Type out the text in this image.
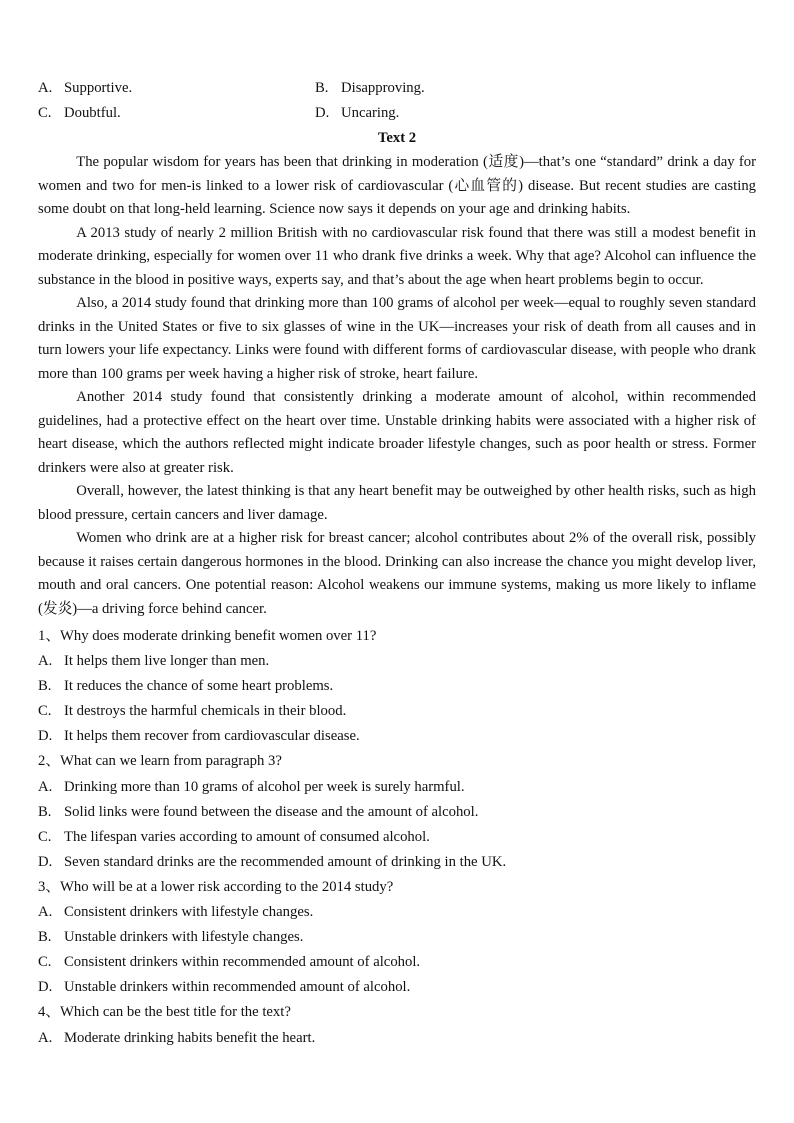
A. Supportive.	B. Disapproving.
C. Doubtful.	D. Uncaring.
Text 2

The popular wisdom for years has been that drinking in moderation (适度)—that’s one “standard” drink a day for women and two for men-is linked to a lower risk of cardiovascular (心血管的) disease. But recent studies are casting some doubt on that long-held learning. Science now says it depends on your age and drinking habits.

A 2013 study of nearly 2 million British with no cardiovascular risk found that there was still a modest benefit in moderate drinking, especially for women over 11 who drank five drinks a week. Why that age? Alcohol can influence the substance in the blood in positive ways, experts say, and that’s about the age when heart problems begin to occur.

Also, a 2014 study found that drinking more than 100 grams of alcohol per week—equal to roughly seven standard drinks in the United States or five to six glasses of wine in the UK—increases your risk of death from all causes and in turn lowers your life expectancy. Links were found with different forms of cardiovascular disease, with people who drank more than 100 grams per week having a higher risk of stroke, heart failure.

Another 2014 study found that consistently drinking a moderate amount of alcohol, within recommended guidelines, had a protective effect on the heart over time. Unstable drinking habits were associated with a higher risk of heart disease, which the authors reflected might indicate broader lifestyle changes, such as poor health or stress. Former drinkers were also at greater risk.

Overall, however, the latest thinking is that any heart benefit may be outweighed by other health risks, such as high blood pressure, certain cancers and liver damage.

Women who drink are at a higher risk for breast cancer; alcohol contributes about 2% of the overall risk, possibly because it raises certain dangerous hormones in the blood. Drinking can also increase the chance you might develop liver, mouth and oral cancers. One potential reason: Alcohol weakens our immune systems, making us more likely to inflame (发炎)—a driving force behind cancer.

1、Why does moderate drinking benefit women over 11?
A. It helps them live longer than men.
B. It reduces the chance of some heart problems.
C. It destroys the harmful chemicals in their blood.
D. It helps them recover from cardiovascular disease.
2、What can we learn from paragraph 3?
A. Drinking more than 10 grams of alcohol per week is surely harmful.
B. Solid links were found between the disease and the amount of alcohol.
C. The lifespan varies according to amount of consumed alcohol.
D. Seven standard drinks are the recommended amount of drinking in the UK.
3、Who will be at a lower risk according to the 2014 study?
A. Consistent drinkers with lifestyle changes.
B. Unstable drinkers with lifestyle changes.
C. Consistent drinkers within recommended amount of alcohol.
D. Unstable drinkers within recommended amount of alcohol.
4、Which can be the best title for the text?
A. Moderate drinking habits benefit the heart.
